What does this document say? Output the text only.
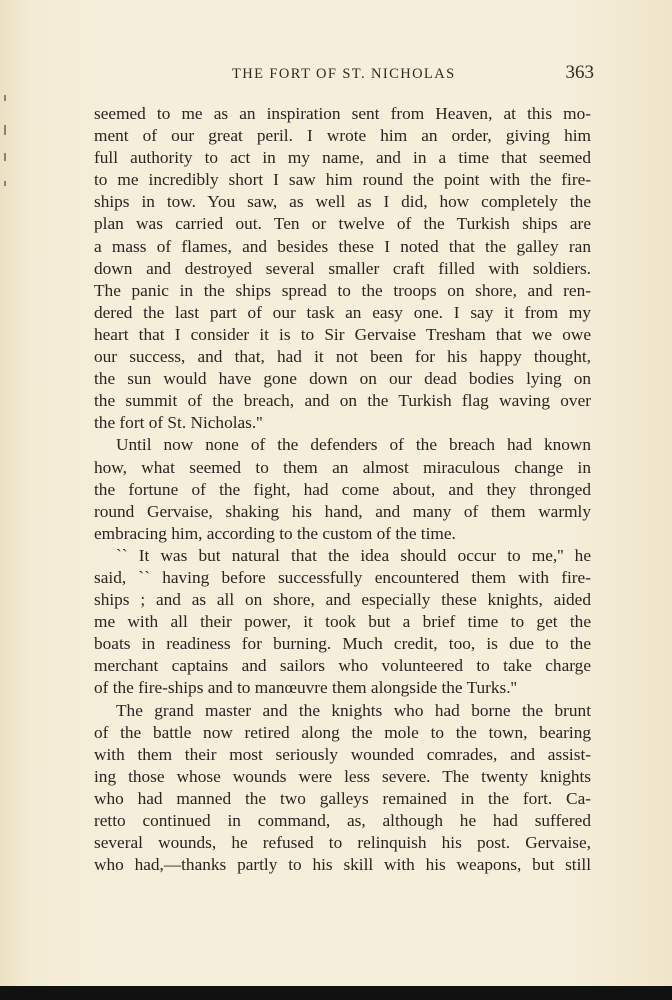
THE FORT OF ST. NICHOLAS	363
seemed to me as an inspiration sent from Heaven, at this mo-
ment of our great peril. I wrote him an order, giving him
full authority to act in my name, and in a time that seemed
to me incredibly short I saw him round the point with the fire-
ships in tow. You saw, as well as I did, how completely the
plan was carried out. Ten or twelve of the Turkish ships are
a mass of flames, and besides these I noted that the galley ran
down and destroyed several smaller craft filled with soldiers.
The panic in the ships spread to the troops on shore, and ren-
dered the last part of our task an easy one. I say it from my
heart that I consider it is to Sir Gervaise Tresham that we owe
our success, and that, had it not been for his happy thought,
the sun would have gone down on our dead bodies lying on
the summit of the breach, and on the Turkish flag waving over
the fort of St. Nicholas.''
Until now none of the defenders of the breach had known
how, what seemed to them an almost miraculous change in
the fortune of the fight, had come about, and they thronged
round Gervaise, shaking his hand, and many of them warmly
embracing him, according to the custom of the time.
`` It was but natural that the idea should occur to me,'' he
said, `` having before successfully encountered them with fire-
ships ; and as all on shore, and especially these knights, aided
me with all their power, it took but a brief time to get the
boats in readiness for burning. Much credit, too, is due to the
merchant captains and sailors who volunteered to take charge
of the fire-ships and to manœuvre them alongside the Turks.''
The grand master and the knights who had borne the brunt
of the battle now retired along the mole to the town, bearing
with them their most seriously wounded comrades, and assist-
ing those whose wounds were less severe. The twenty knights
who had manned the two galleys remained in the fort. Ca-
retto continued in command, as, although he had suffered
several wounds, he refused to relinquish his post. Gervaise,
who had,—thanks partly to his skill with his weapons, but still
